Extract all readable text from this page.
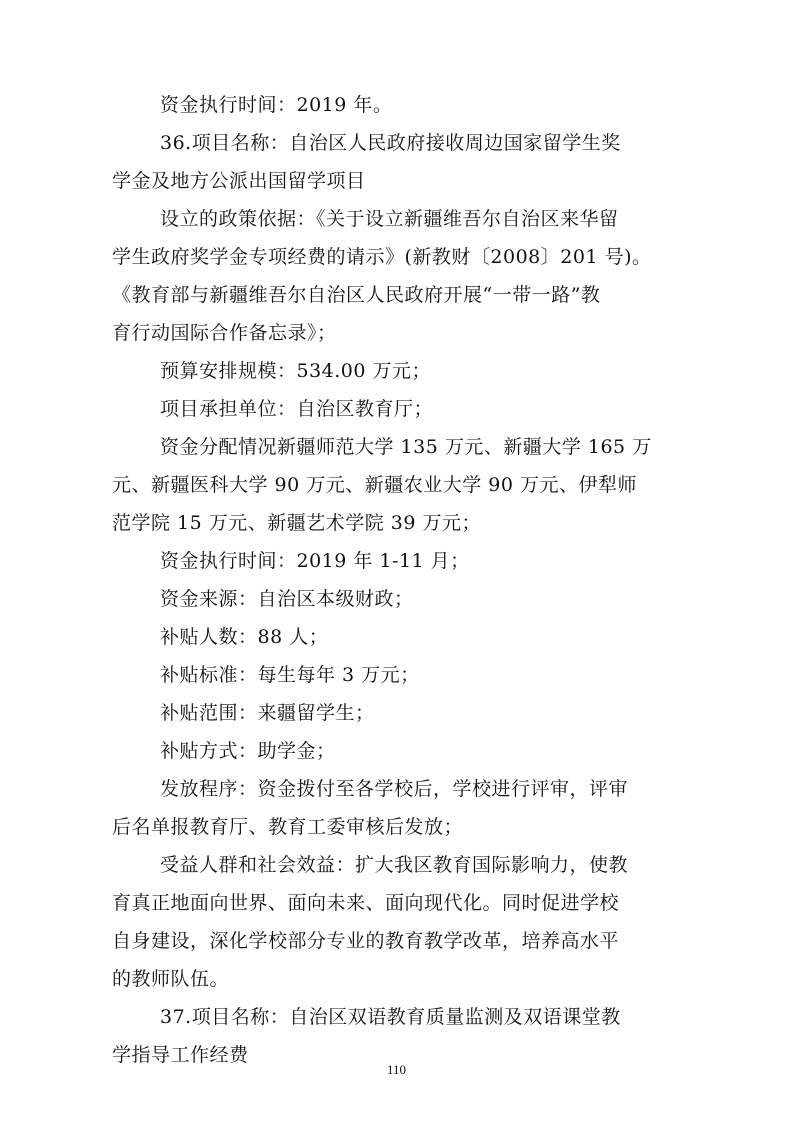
资金执行时间：2019 年。
36.项目名称：自治区人民政府接收周边国家留学生奖
学金及地方公派出国留学项目
设立的政策依据：《关于设立新疆维吾尔自治区来华留
学生政府奖学金专项经费的请示》(新教财〔2008〕201 号)。
《教育部与新疆维吾尔自治区人民政府开展“一带一路”教
育行动国际合作备忘录》；
预算安排规模：534.00 万元；
项目承担单位：自治区教育厅；
资金分配情况新疆师范大学 135 万元、新疆大学 165 万
元、新疆医科大学 90 万元、新疆农业大学 90 万元、伊犁师
范学院 15 万元、新疆艺术学院 39 万元；
资金执行时间：2019 年 1-11 月；
资金来源：自治区本级财政；
补贴人数：88 人；
补贴标准：每生每年 3 万元；
补贴范围：来疆留学生；
补贴方式：助学金；
发放程序：资金拨付至各学校后，学校进行评审，评审
后名单报教育厅、教育工委审核后发放；
受益人群和社会效益：扩大我区教育国际影响力，使教
育真正地面向世界、面向未来、面向现代化。同时促进学校
自身建设，深化学校部分专业的教育教学改革，培养高水平
的教师队伍。
37.项目名称：自治区双语教育质量监测及双语课堂教
学指导工作经费
110
